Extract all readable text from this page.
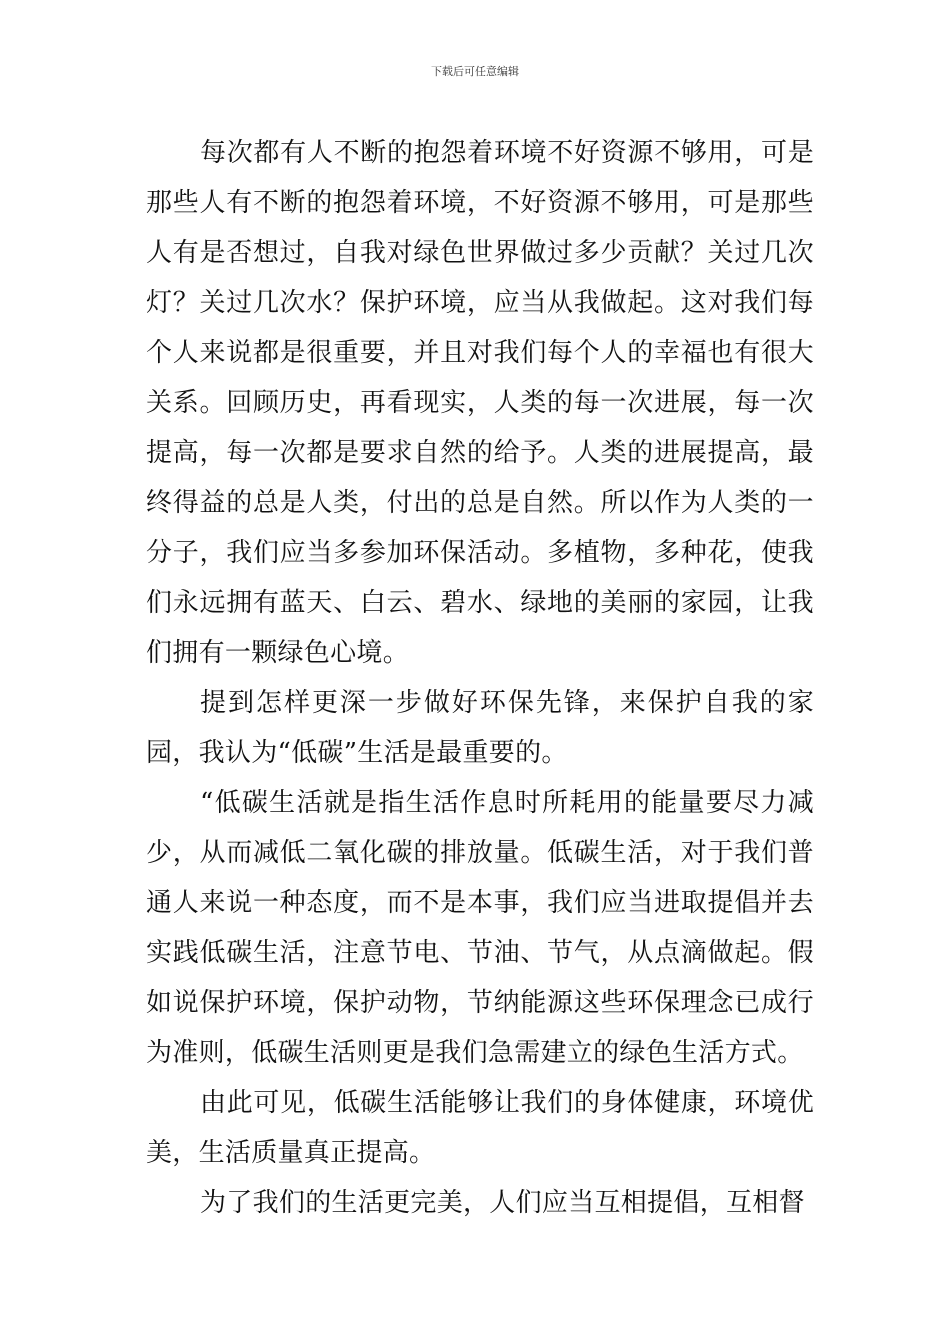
下载后可任意编辑

每次都有人不断的抱怨着环境不好资源不够用，可是那些人有不断的抱怨着环境，不好资源不够用，可是那些人有是否想过，自我对绿色世界做过多少贡献？关过几次灯？关过几次水？保护环境，应当从我做起。这对我们每个人来说都是很重要，并且对我们每个人的幸福也有很大关系。回顾历史，再看现实，人类的每一次进展，每一次提高，每一次都是要求自然的给予。人类的进展提高，最终得益的总是人类，付出的总是自然。所以作为人类的一分子，我们应当多参加环保活动。多植物，多种花，使我们永远拥有蓝天、白云、碧水、绿地的美丽的家园，让我们拥有一颗绿色心境。

提到怎样更深一步做好环保先锋，来保护自我的家园，我认为“低碳”生活是最重要的。

“低碳生活就是指生活作息时所耗用的能量要尽力减少，从而减低二氧化碳的排放量。低碳生活，对于我们普通人来说一种态度，而不是本事，我们应当进取提倡并去实践低碳生活，注意节电、节油、节气，从点滴做起。假如说保护环境，保护动物，节纳能源这些环保理念已成行为准则，低碳生活则更是我们急需建立的绿色生活方式。

由此可见，低碳生活能够让我们的身体健康，环境优美，生活质量真正提高。

为了我们的生活更完美，人们应当互相提倡，互相督
